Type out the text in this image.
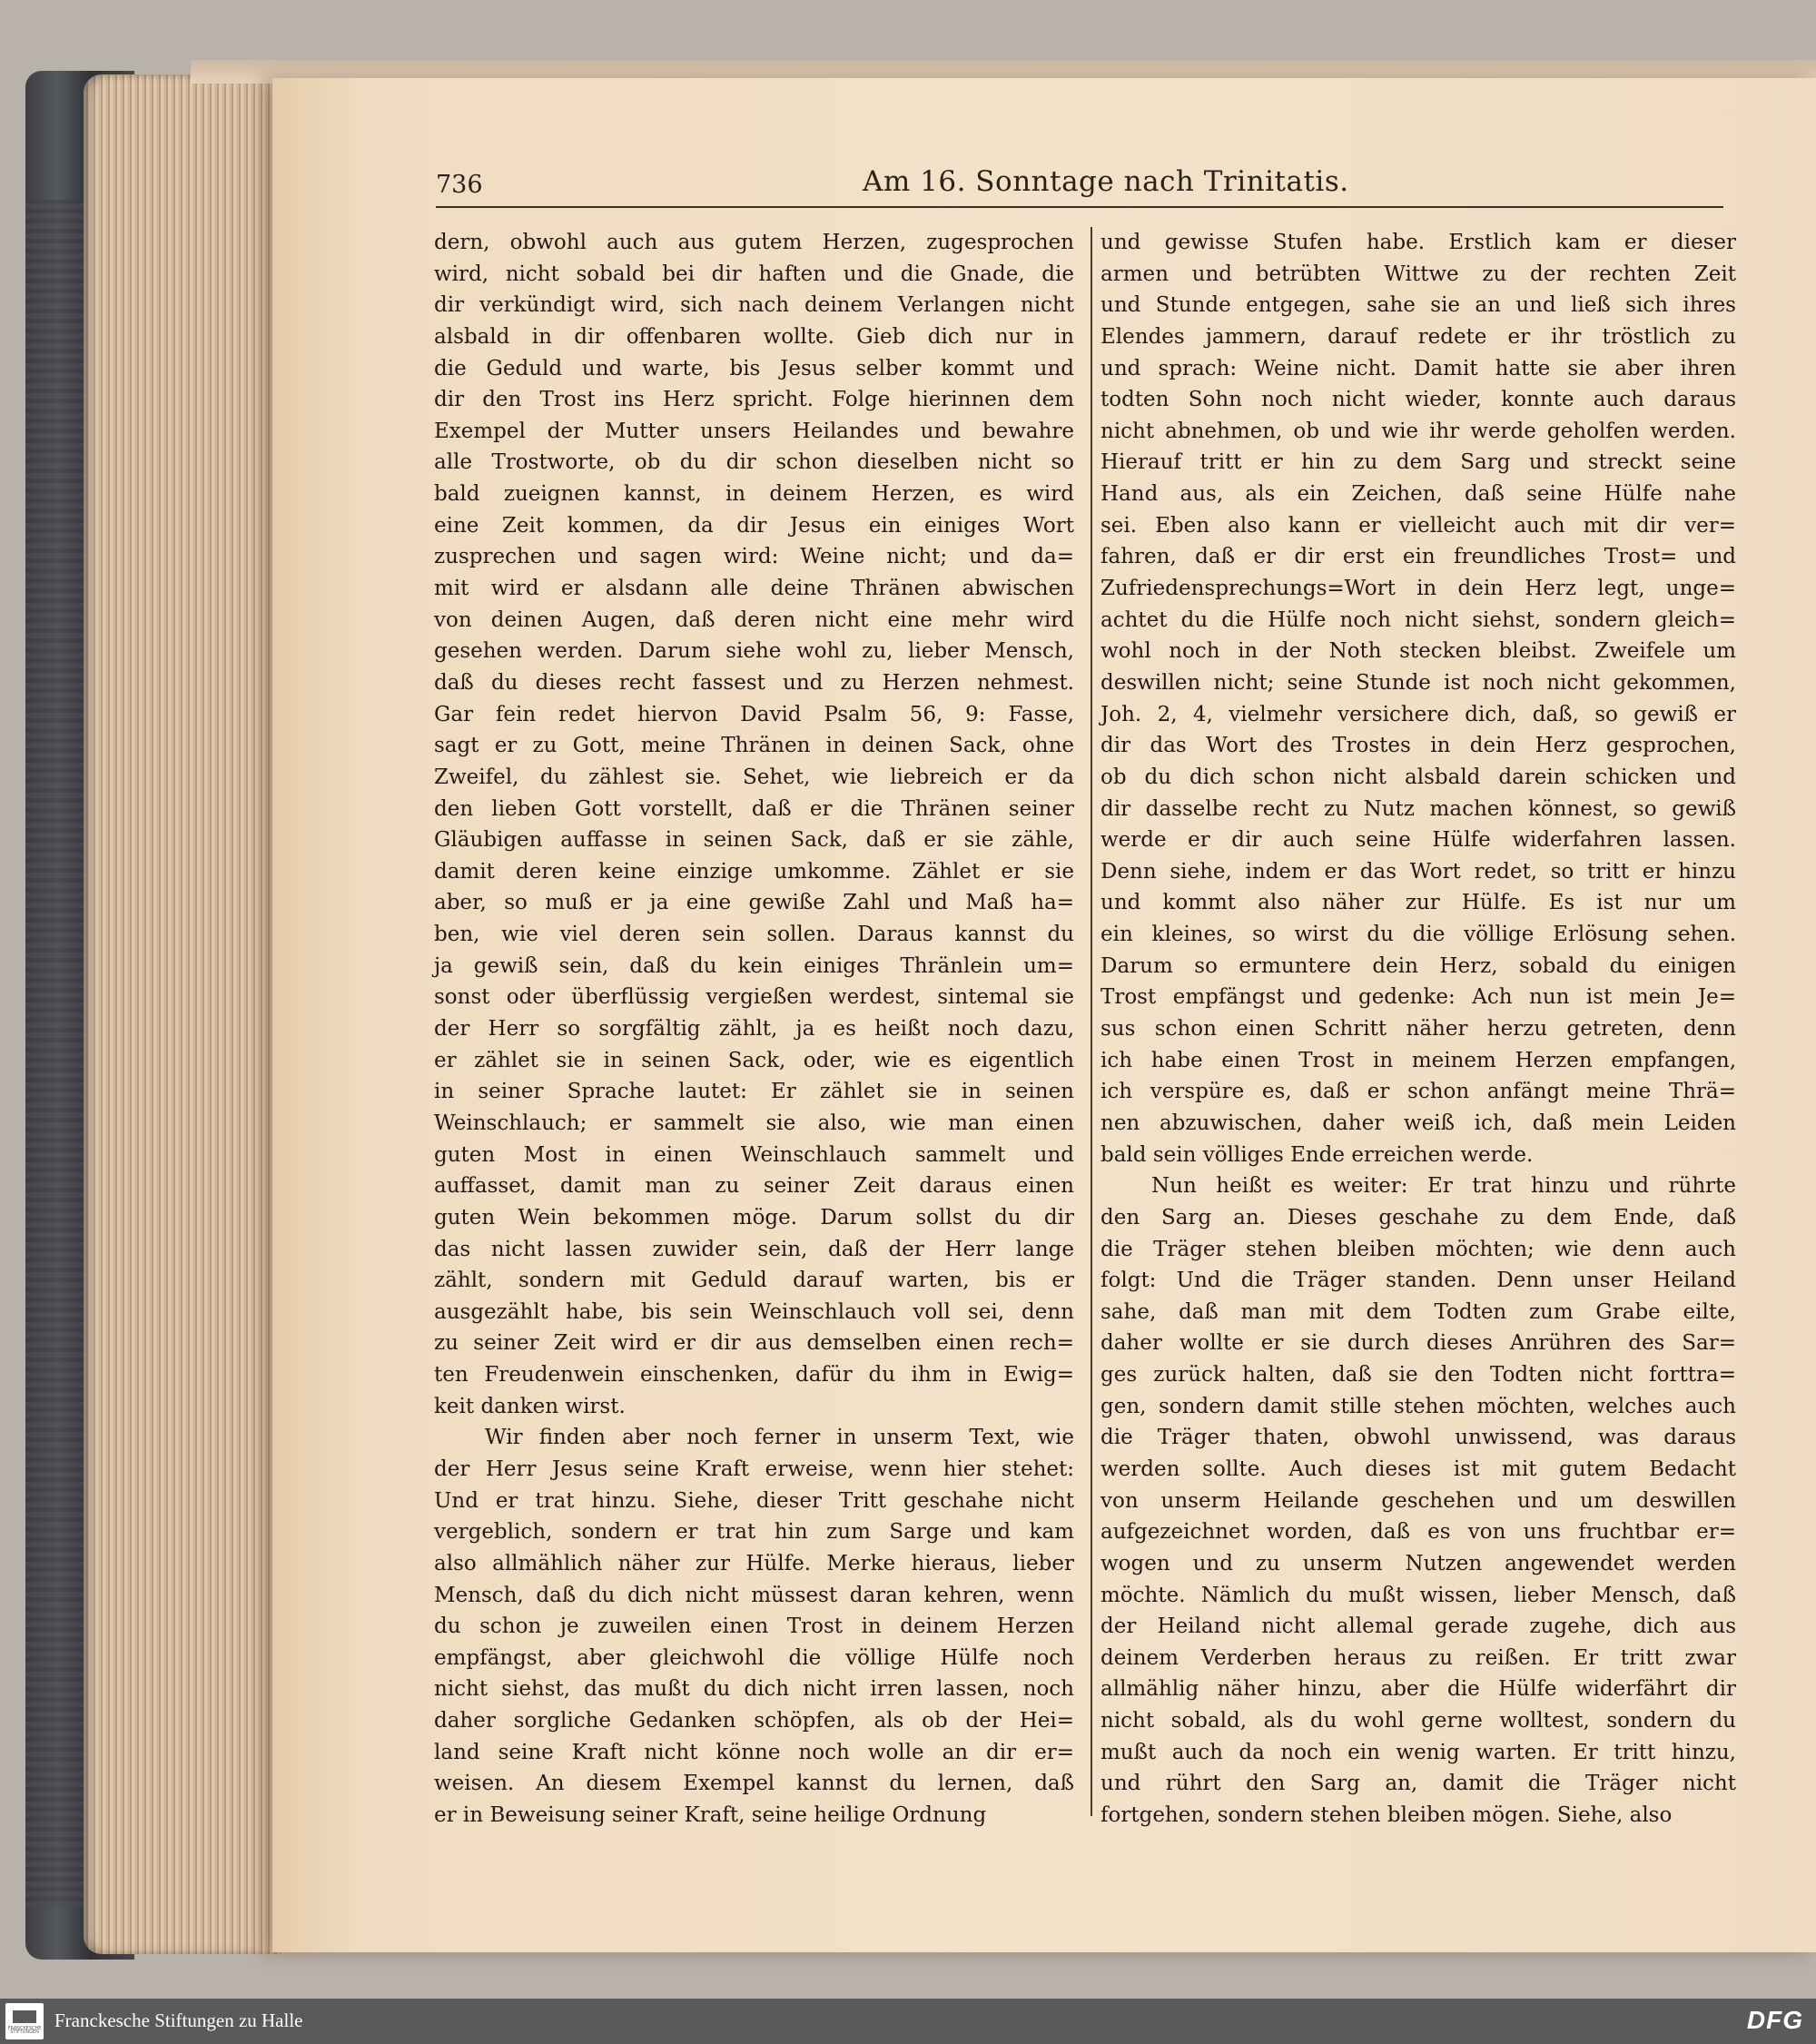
736	Am 16. Sonntage nach Trinitatis.
dern, obwohl auch aus gutem Herzen, zugesprochen
wird, nicht sobald bei dir haften und die Gnade, die
dir verkündigt wird, sich nach deinem Verlangen nicht
alsbald in dir offenbaren wollte. Gieb dich nur in
die Geduld und warte, bis Jesus selber kommt und
dir den Trost ins Herz spricht. Folge hierinnen dem
Exempel der Mutter unsers Heilandes und bewahre
alle Trostworte, ob du dir schon dieselben nicht so
bald zueignen kannst, in deinem Herzen, es wird
eine Zeit kommen, da dir Jesus ein einiges Wort
zusprechen und sagen wird: Weine nicht; und da=
mit wird er alsdann alle deine Thränen abwischen
von deinen Augen, daß deren nicht eine mehr wird
gesehen werden. Darum siehe wohl zu, lieber Mensch,
daß du dieses recht fassest und zu Herzen nehmest.
Gar fein redet hiervon David Psalm 56, 9: Fasse,
sagt er zu Gott, meine Thränen in deinen Sack, ohne
Zweifel, du zählest sie. Sehet, wie liebreich er da
den lieben Gott vorstellt, daß er die Thränen seiner
Gläubigen auffasse in seinen Sack, daß er sie zähle,
damit deren keine einzige umkomme. Zählet er sie
aber, so muß er ja eine gewiße Zahl und Maß ha=
ben, wie viel deren sein sollen. Daraus kannst du
ja gewiß sein, daß du kein einiges Thränlein um=
sonst oder überflüssig vergießen werdest, sintemal sie
der Herr so sorgfältig zählt, ja es heißt noch dazu,
er zählet sie in seinen Sack, oder, wie es eigentlich
in seiner Sprache lautet: Er zählet sie in seinen
Weinschlauch; er sammelt sie also, wie man einen
guten Most in einen Weinschlauch sammelt und
auffasset, damit man zu seiner Zeit daraus einen
guten Wein bekommen möge. Darum sollst du dir
das nicht lassen zuwider sein, daß der Herr lange
zählt, sondern mit Geduld darauf warten, bis er
ausgezählt habe, bis sein Weinschlauch voll sei, denn
zu seiner Zeit wird er dir aus demselben einen rech=
ten Freudenwein einschenken, dafür du ihm in Ewig=
keit danken wirst.
Wir finden aber noch ferner in unserm Text, wie
der Herr Jesus seine Kraft erweise, wenn hier stehet:
Und er trat hinzu. Siehe, dieser Tritt geschahe nicht
vergeblich, sondern er trat hin zum Sarge und kam
also allmählich näher zur Hülfe. Merke hieraus, lieber
Mensch, daß du dich nicht müssest daran kehren, wenn
du schon je zuweilen einen Trost in deinem Herzen
empfängst, aber gleichwohl die völlige Hülfe noch
nicht siehst, das mußt du dich nicht irren lassen, noch
daher sorgliche Gedanken schöpfen, als ob der Hei=
land seine Kraft nicht könne noch wolle an dir er=
weisen. An diesem Exempel kannst du lernen, daß
er in Beweisung seiner Kraft, seine heilige Ordnung
und gewisse Stufen habe. Erstlich kam er dieser
armen und betrübten Wittwe zu der rechten Zeit
und Stunde entgegen, sahe sie an und ließ sich ihres
Elendes jammern, darauf redete er ihr tröstlich zu
und sprach: Weine nicht. Damit hatte sie aber ihren
todten Sohn noch nicht wieder, konnte auch daraus
nicht abnehmen, ob und wie ihr werde geholfen werden.
Hierauf tritt er hin zu dem Sarg und streckt seine
Hand aus, als ein Zeichen, daß seine Hülfe nahe
sei. Eben also kann er vielleicht auch mit dir ver=
fahren, daß er dir erst ein freundliches Trost= und
Zufriedensprechungs=Wort in dein Herz legt, unge=
achtet du die Hülfe noch nicht siehst, sondern gleich=
wohl noch in der Noth stecken bleibst. Zweifele um
deswillen nicht; seine Stunde ist noch nicht gekommen,
Joh. 2, 4, vielmehr versichere dich, daß, so gewiß er
dir das Wort des Trostes in dein Herz gesprochen,
ob du dich schon nicht alsbald darein schicken und
dir dasselbe recht zu Nutz machen könnest, so gewiß
werde er dir auch seine Hülfe widerfahren lassen.
Denn siehe, indem er das Wort redet, so tritt er hinzu
und kommt also näher zur Hülfe. Es ist nur um
ein kleines, so wirst du die völlige Erlösung sehen.
Darum so ermuntere dein Herz, sobald du einigen
Trost empfängst und gedenke: Ach nun ist mein Je=
sus schon einen Schritt näher herzu getreten, denn
ich habe einen Trost in meinem Herzen empfangen,
ich verspüre es, daß er schon anfängt meine Thrä=
nen abzuwischen, daher weiß ich, daß mein Leiden
bald sein völliges Ende erreichen werde.
Nun heißt es weiter: Er trat hinzu und rührte
den Sarg an. Dieses geschahe zu dem Ende, daß
die Träger stehen bleiben möchten; wie denn auch
folgt: Und die Träger standen. Denn unser Heiland
sahe, daß man mit dem Todten zum Grabe eilte,
daher wollte er sie durch dieses Anrühren des Sar=
ges zurück halten, daß sie den Todten nicht forttra=
gen, sondern damit stille stehen möchten, welches auch
die Träger thaten, obwohl unwissend, was daraus
werden sollte. Auch dieses ist mit gutem Bedacht
von unserm Heilande geschehen und um deswillen
aufgezeichnet worden, daß es von uns fruchtbar er=
wogen und zu unserm Nutzen angewendet werden
möchte. Nämlich du mußt wissen, lieber Mensch, daß
der Heiland nicht allemal gerade zugehe, dich aus
deinem Verderben heraus zu reißen. Er tritt zwar
allmählig näher hinzu, aber die Hülfe widerfährt dir
nicht sobald, als du wohl gerne wolltest, sondern du
mußt auch da noch ein wenig warten. Er tritt hinzu,
und rührt den Sarg an, damit die Träger nicht
fortgehen, sondern stehen bleiben mögen. Siehe, also
FRANCKESCHE STIFTUNGEN
Franckesche Stiftungen zu Halle	DFG
